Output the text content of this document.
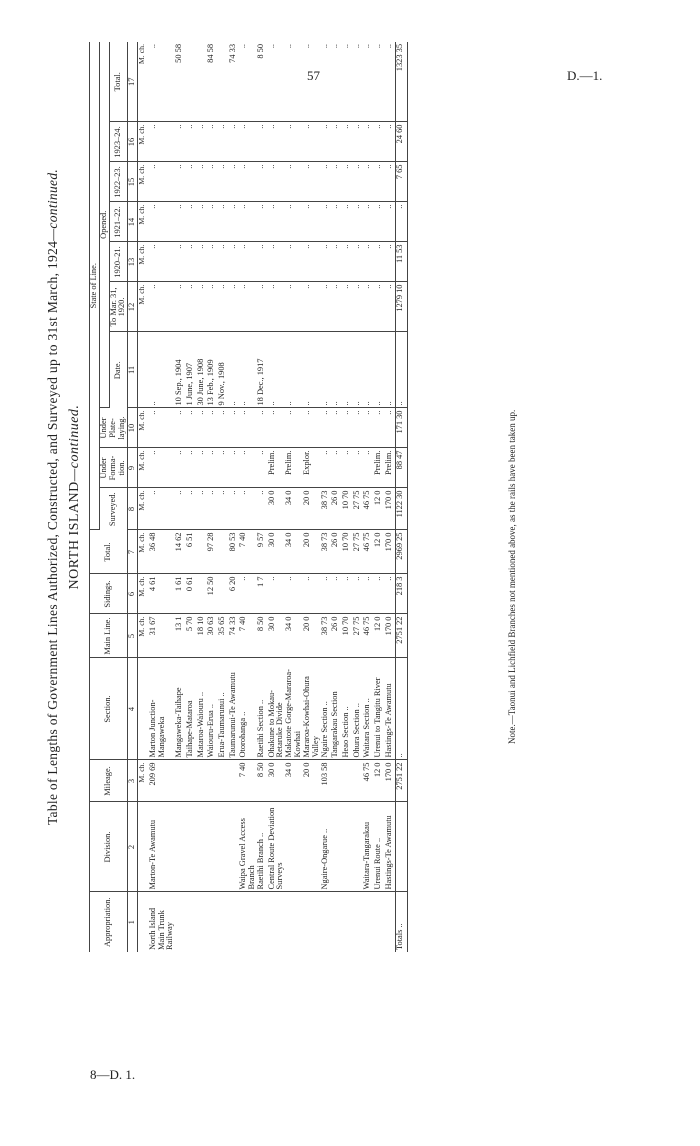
57	D.—1.
8—D. 1.
Table of Lengths of Government Lines Authorized, Constructed, and Surveyed up to 31st March, 1924—continued.
NORTH ISLAND—continued.
Appropriation.	Division.	Mileage.	Section.	Main Line.	Sidings.	Total.	State of Line.									
							Surveyed.	Under Forma- tion.	Under Plate- laying.	Opened.						
										Date.	To Mar. 31, 1920.	1920–21.	1921–22.	1922–23.	1923–24.	Total.
1	2	3	4	5	6	7	8	9	10	11	12	13	14	15	16	17
		M. ch.		M. ch.	M. ch.	M. ch.	M. ch.	M. ch.	M. ch.		M. ch.	M. ch.	M. ch.	M. ch.	M. ch.	M. ch.
North Island Main Trunk Railway	Marton-Te Awamutu	209 69	Marton Junction-Mangaweka	31 67	4 61	36 48	..	..	..	..	..	..	..	..	..	..
			Mangaweka-Taihape	13 1	1 61	14 62	..	..	..	10 Sep., 1904	..	..	..	..	..	50 58
			Taihape-Mataroa	5 70	0 61	6 51	..	..	..	1 June, 1907	..	..	..	..	..	
			Mataroa-Waiouru ..	18 10			..	..	..	30 June, 1908	..	..	..	..	..	
			Waiouru-Erua ..	30 63	12 50	97 28	..	..	..	13 Feb., 1909	..	..	..	..	..	84 58
			Erua-Taumarunui ..	35 65			..	..	..	9 Nov., 1908	..	..	..	..	..	
			Taumarunui-Te Awamutu	74 33	6 20	80 53	..	..	..	..	..	..	..	..	..	74 33
	Waipa Gravel Access Branch	7 40	Otorohanga ..	7 40	..	7 40	..	..	..	..	..	..	..	..	..	..
	Raetihi Branch ..	8 50	Raetihi Section ..	8 50	1 7	9 57	..	..	..	18 Dec., 1917	..	..	..	..	..	8 50
	Central Route Deviation Surveys	30 0	Ohakune to Mokau-Retaruke Divide	30 0	..	30 0	30 0	Prelim.	..	..	..	..	..	..	..	..
		34 0	Makatote Gorge-Mararoa-Kowhai	34 0	..	34 0	34 0	Prelim.	..	..	..	..	..	..	..	..
		20 0	Mararoa-Kowhai-Ohura Valley	20 0	..	20 0	20 0	Explor.	..	..	..	..	..	..	..	..
	Ngaire-Ongarue ..	103 58	Ngaire Section ..	38 73	..	38 73	38 73	..	..	..	..	..	..	..	..	..
			Tangarakau Section	26 0	..	26 0	26 0	..	..	..	..	..	..	..	..	..
			Heao Section ..	10 70	..	10 70	10 70	..	..	..	..	..	..	..	..	..
			Ohura Section ..	27 75	..	27 75	27 75	..	..	..	..	..	..	..	..	..
	Waitara-Tangarakau	46 75	Waitara Section ..	46 75	..	46 75	46 75	..	..	..	..	..	..	..	..	..
	Urenui Route ..	12 0	Urenui to Tangitu River	12 0	..	12 0	12 0	Prelim.	..	..	..	..	..	..	..	..
	Hastings-Te Awamutu	170 0	Hastings-Te Awamutu	170 0	..	170 0	170 0	Prelim.	..	..	..	..	..	..	..	..
Totals ..		2751 22	..	2751 22	218 3	2969 25	1122 30	88 47	171 30	..	1279 10	11 53	..	7 65	24 60	1323 35
Note.—Taonui and Lichfield Branches not mentioned above, as the rails have been taken up.
